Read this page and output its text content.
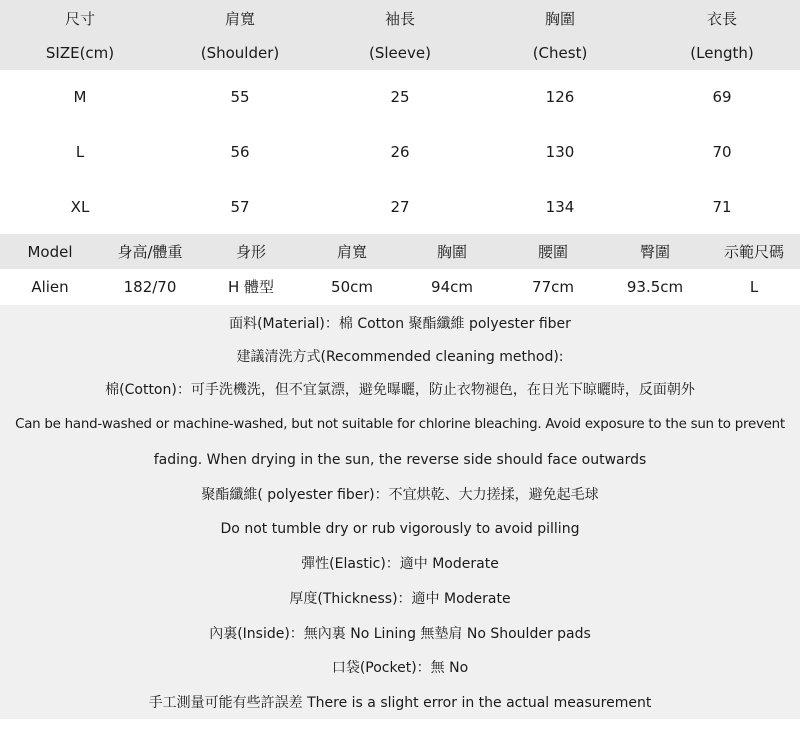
尺寸	肩寬	袖長	胸圍	衣長
SIZE(cm)	(Shoulder)	(Sleeve)	(Chest)	(Length)
M	55	25	126	69
L	56	26	130	70
XL	57	27	134	71
Model	身高/體重	身形	肩寬	胸圍	腰圍	臀圍	示範尺碼
Alien	182/70	H 體型	50cm	94cm	77cm	93.5cm	L
面料(Material)：棉 Cotton 聚酯纖維 polyester fiber
建議清洗方式(Recommended cleaning method):
棉(Cotton)：可手洗機洗，但不宜氯漂，避免曝曬，防止衣物褪色，在日光下晾曬時，反面朝外
Can be hand-washed or machine-washed, but not suitable for chlorine bleaching. Avoid exposure to the sun to prevent
fading. When drying in the sun, the reverse side should face outwards
聚酯纖維( polyester fiber)：不宜烘乾、大力搓揉，避免起毛球
Do not tumble dry or rub vigorously to avoid pilling
彈性(Elastic)：適中 Moderate
厚度(Thickness)：適中 Moderate
內裏(Inside)：無內裏 No Lining 無墊肩 No Shoulder pads
口袋(Pocket)：無 No
手工測量可能有些許誤差 There is a slight error in the actual measurement
